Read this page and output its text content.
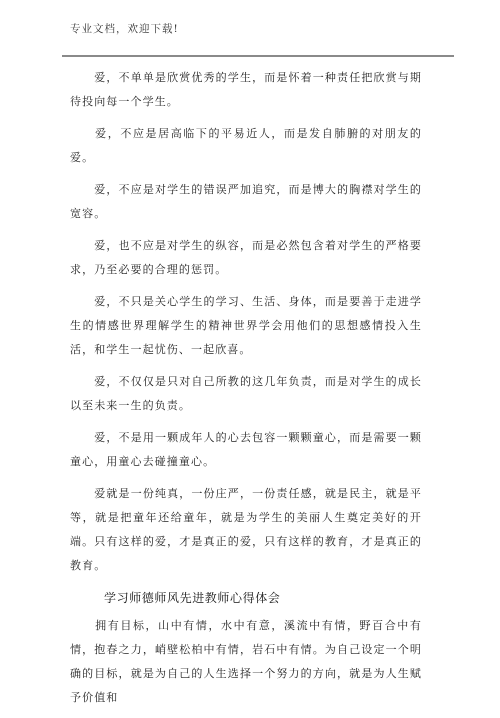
专业文档，欢迎下载!

　　爱，不单单是欣赏优秀的学生，而是怀着一种责任把欣赏与期待投向每一个学生。

　　爱，不应是居高临下的平易近人，而是发自肺腑的对朋友的爱。

　　爱，不应是对学生的错误严加追究，而是博大的胸襟对学生的宽容。

　　爱，也不应是对学生的纵容，而是必然包含着对学生的严格要求，乃至必要的合理的惩罚。

　　爱，不只是关心学生的学习、生活、身体，而是要善于走进学生的情感世界理解学生的精神世界学会用他们的思想感情投入生活，和学生一起忧伤、一起欣喜。

　　爱，不仅仅是只对自己所教的这几年负责，而是对学生的成长以至未来一生的负责。

　　爱，不是用一颗成年人的心去包容一颗颗童心，而是需要一颗童心，用童心去碰撞童心。

　　爱就是一份纯真，一份庄严，一份责任感，就是民主，就是平等，就是把童年还给童年，就是为学生的美丽人生奠定美好的开端。只有这样的爱，才是真正的爱，只有这样的教育，才是真正的教育。

学习师德师风先进教师心得体会

　　拥有目标，山中有情，水中有意，溪流中有情，野百合中有情，抱春之力，峭壁松柏中有情，岩石中有情。为自己设定一个明确的目标，就是为自己的人生选择一个努力的方向，就是为人生赋予价值和
